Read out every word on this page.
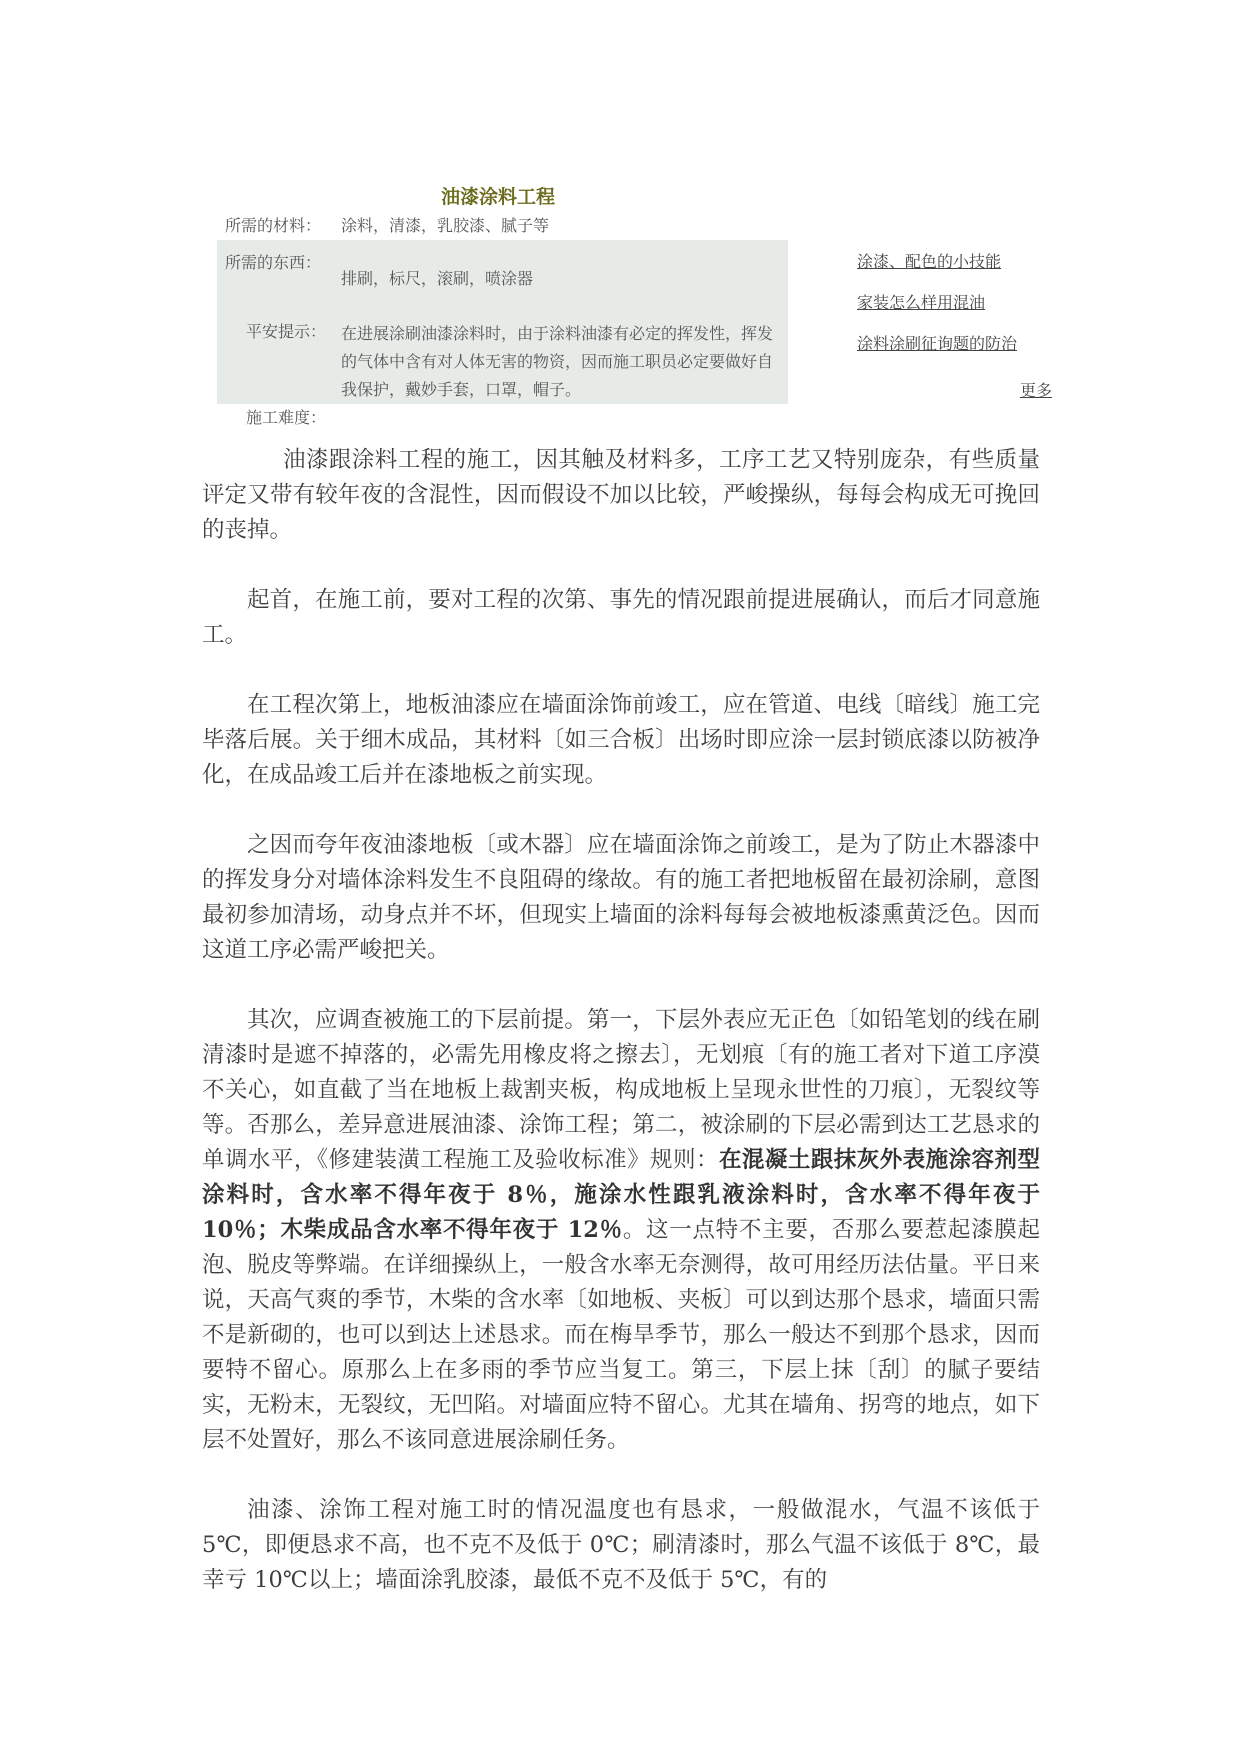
油漆涂料工程
所需的材料： 涂料，清漆，乳胶漆、腻子等
所需的东西：
排刷，标尺，滚刷，喷涂器
平安提示： 在进展涂刷油漆涂料时，由于涂料油漆有必定的挥发性，挥发的气体中含有对人体无害的物资，因而施工职员必定要做好自我保护，戴妙手套，口罩，帽子。
施工难度：
涂漆、配色的小技能
家装怎么样用混油
涂料涂刷征询题的防治
更多

油漆跟涂料工程的施工，因其触及材料多，工序工艺又特别庞杂，有些质量评定又带有较年夜的含混性，因而假设不加以比较，严峻操纵，每每会构成无可挽回的丧掉。

起首，在施工前，要对工程的次第、事先的情况跟前提进展确认，而后才同意施工。

在工程次第上，地板油漆应在墙面涂饰前竣工，应在管道、电线〔暗线〕施工完毕落后展。关于细木成品，其材料〔如三合板〕出场时即应涂一层封锁底漆以防被净化，在成品竣工后并在漆地板之前实现。

之因而夸年夜油漆地板〔或木器〕应在墙面涂饰之前竣工，是为了防止木器漆中的挥发身分对墙体涂料发生不良阻碍的缘故。有的施工者把地板留在最初涂刷，意图最初参加清场，动身点并不坏，但现实上墙面的涂料每每会被地板漆熏黄泛色。因而这道工序必需严峻把关。

其次，应调查被施工的下层前提。第一，下层外表应无正色〔如铅笔划的线在刷清漆时是遮不掉落的，必需先用橡皮将之擦去〕，无划痕〔有的施工者对下道工序漠不关心，如直截了当在地板上裁割夹板，构成地板上呈现永世性的刀痕〕，无裂纹等等。否那么，差异意进展油漆、涂饰工程；第二，被涂刷的下层必需到达工艺恳求的单调水平，《修建装潢工程施工及验收标准》规则：在混凝土跟抹灰外表施涂容剂型涂料时，含水率不得年夜于 8％，施涂水性跟乳液涂料时，含水率不得年夜于 10％；木柴成品含水率不得年夜于 12％。这一点特不主要，否那么要惹起漆膜起泡、脱皮等弊端。在详细操纵上，一般含水率无奈测得，故可用经历法估量。平日来说，天高气爽的季节，木柴的含水率〔如地板、夹板〕可以到达那个恳求，墙面只需不是新砌的，也可以到达上述恳求。而在梅旱季节，那么一般达不到那个恳求，因而要特不留心。原那么上在多雨的季节应当复工。第三，下层上抹〔刮〕的腻子要结实，无粉末，无裂纹，无凹陷。对墙面应特不留心。尤其在墙角、拐弯的地点，如下层不处置好，那么不该同意进展涂刷任务。

油漆、涂饰工程对施工时的情况温度也有恳求，一般做混水，气温不该低于 5℃，即便恳求不高，也不克不及低于 0℃；刷清漆时，那么气温不该低于 8℃，最幸亏 10℃以上；墙面涂乳胶漆，最低不克不及低于 5℃，有的
